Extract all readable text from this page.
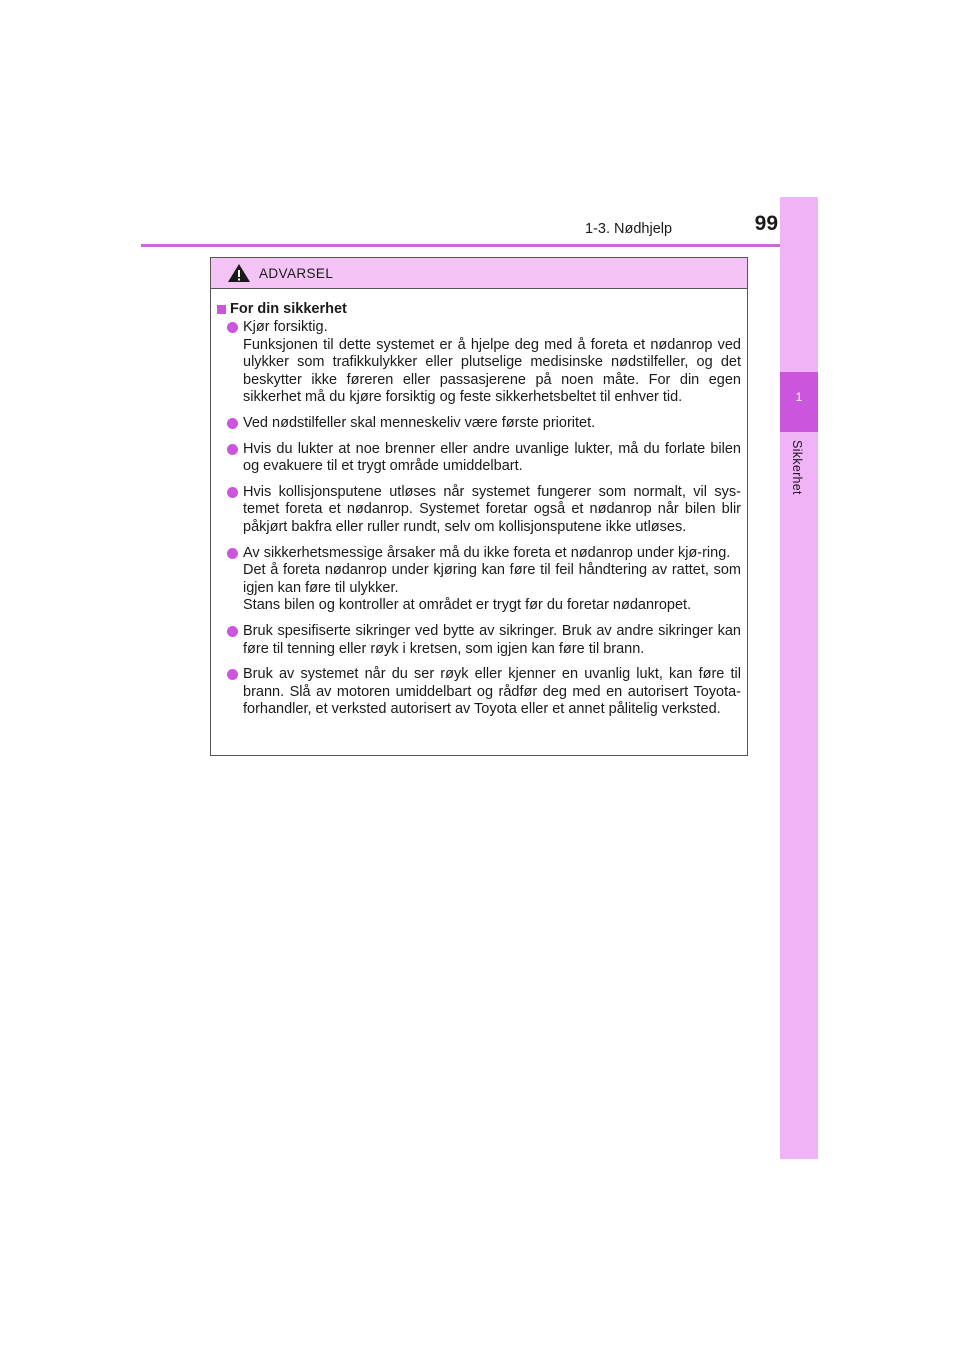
1-3. Nødhjelp	99
1
Sikkerhet
ADVARSEL
For din sikkerhet
Kjør forsiktig.
Funksjonen til dette systemet er å hjelpe deg med å foreta et nødanrop ved ulykker som trafikkulykker eller plutselige medisinske nødstilfeller, og det beskytter ikke føreren eller passasjerene på noen måte. For din egen sikkerhet må du kjøre forsiktig og feste sikkerhetsbeltet til enhver tid.
Ved nødstilfeller skal menneskeliv være første prioritet.
Hvis du lukter at noe brenner eller andre uvanlige lukter, må du forlate bilen og evakuere til et trygt område umiddelbart.
Hvis kollisjonsputene utløses når systemet fungerer som normalt, vil sys-temet foreta et nødanrop. Systemet foretar også et nødanrop når bilen blir påkjørt bakfra eller ruller rundt, selv om kollisjonsputene ikke utløses.
Av sikkerhetsmessige årsaker må du ikke foreta et nødanrop under kjø-ring.
Det å foreta nødanrop under kjøring kan føre til feil håndtering av rattet, som igjen kan føre til ulykker.
Stans bilen og kontroller at området er trygt før du foretar nødanropet.
Bruk spesifiserte sikringer ved bytte av sikringer. Bruk av andre sikringer kan føre til tenning eller røyk i kretsen, som igjen kan føre til brann.
Bruk av systemet når du ser røyk eller kjenner en uvanlig lukt, kan føre til brann. Slå av motoren umiddelbart og rådfør deg med en autorisert Toyota-forhandler, et verksted autorisert av Toyota eller et annet pålitelig verksted.
